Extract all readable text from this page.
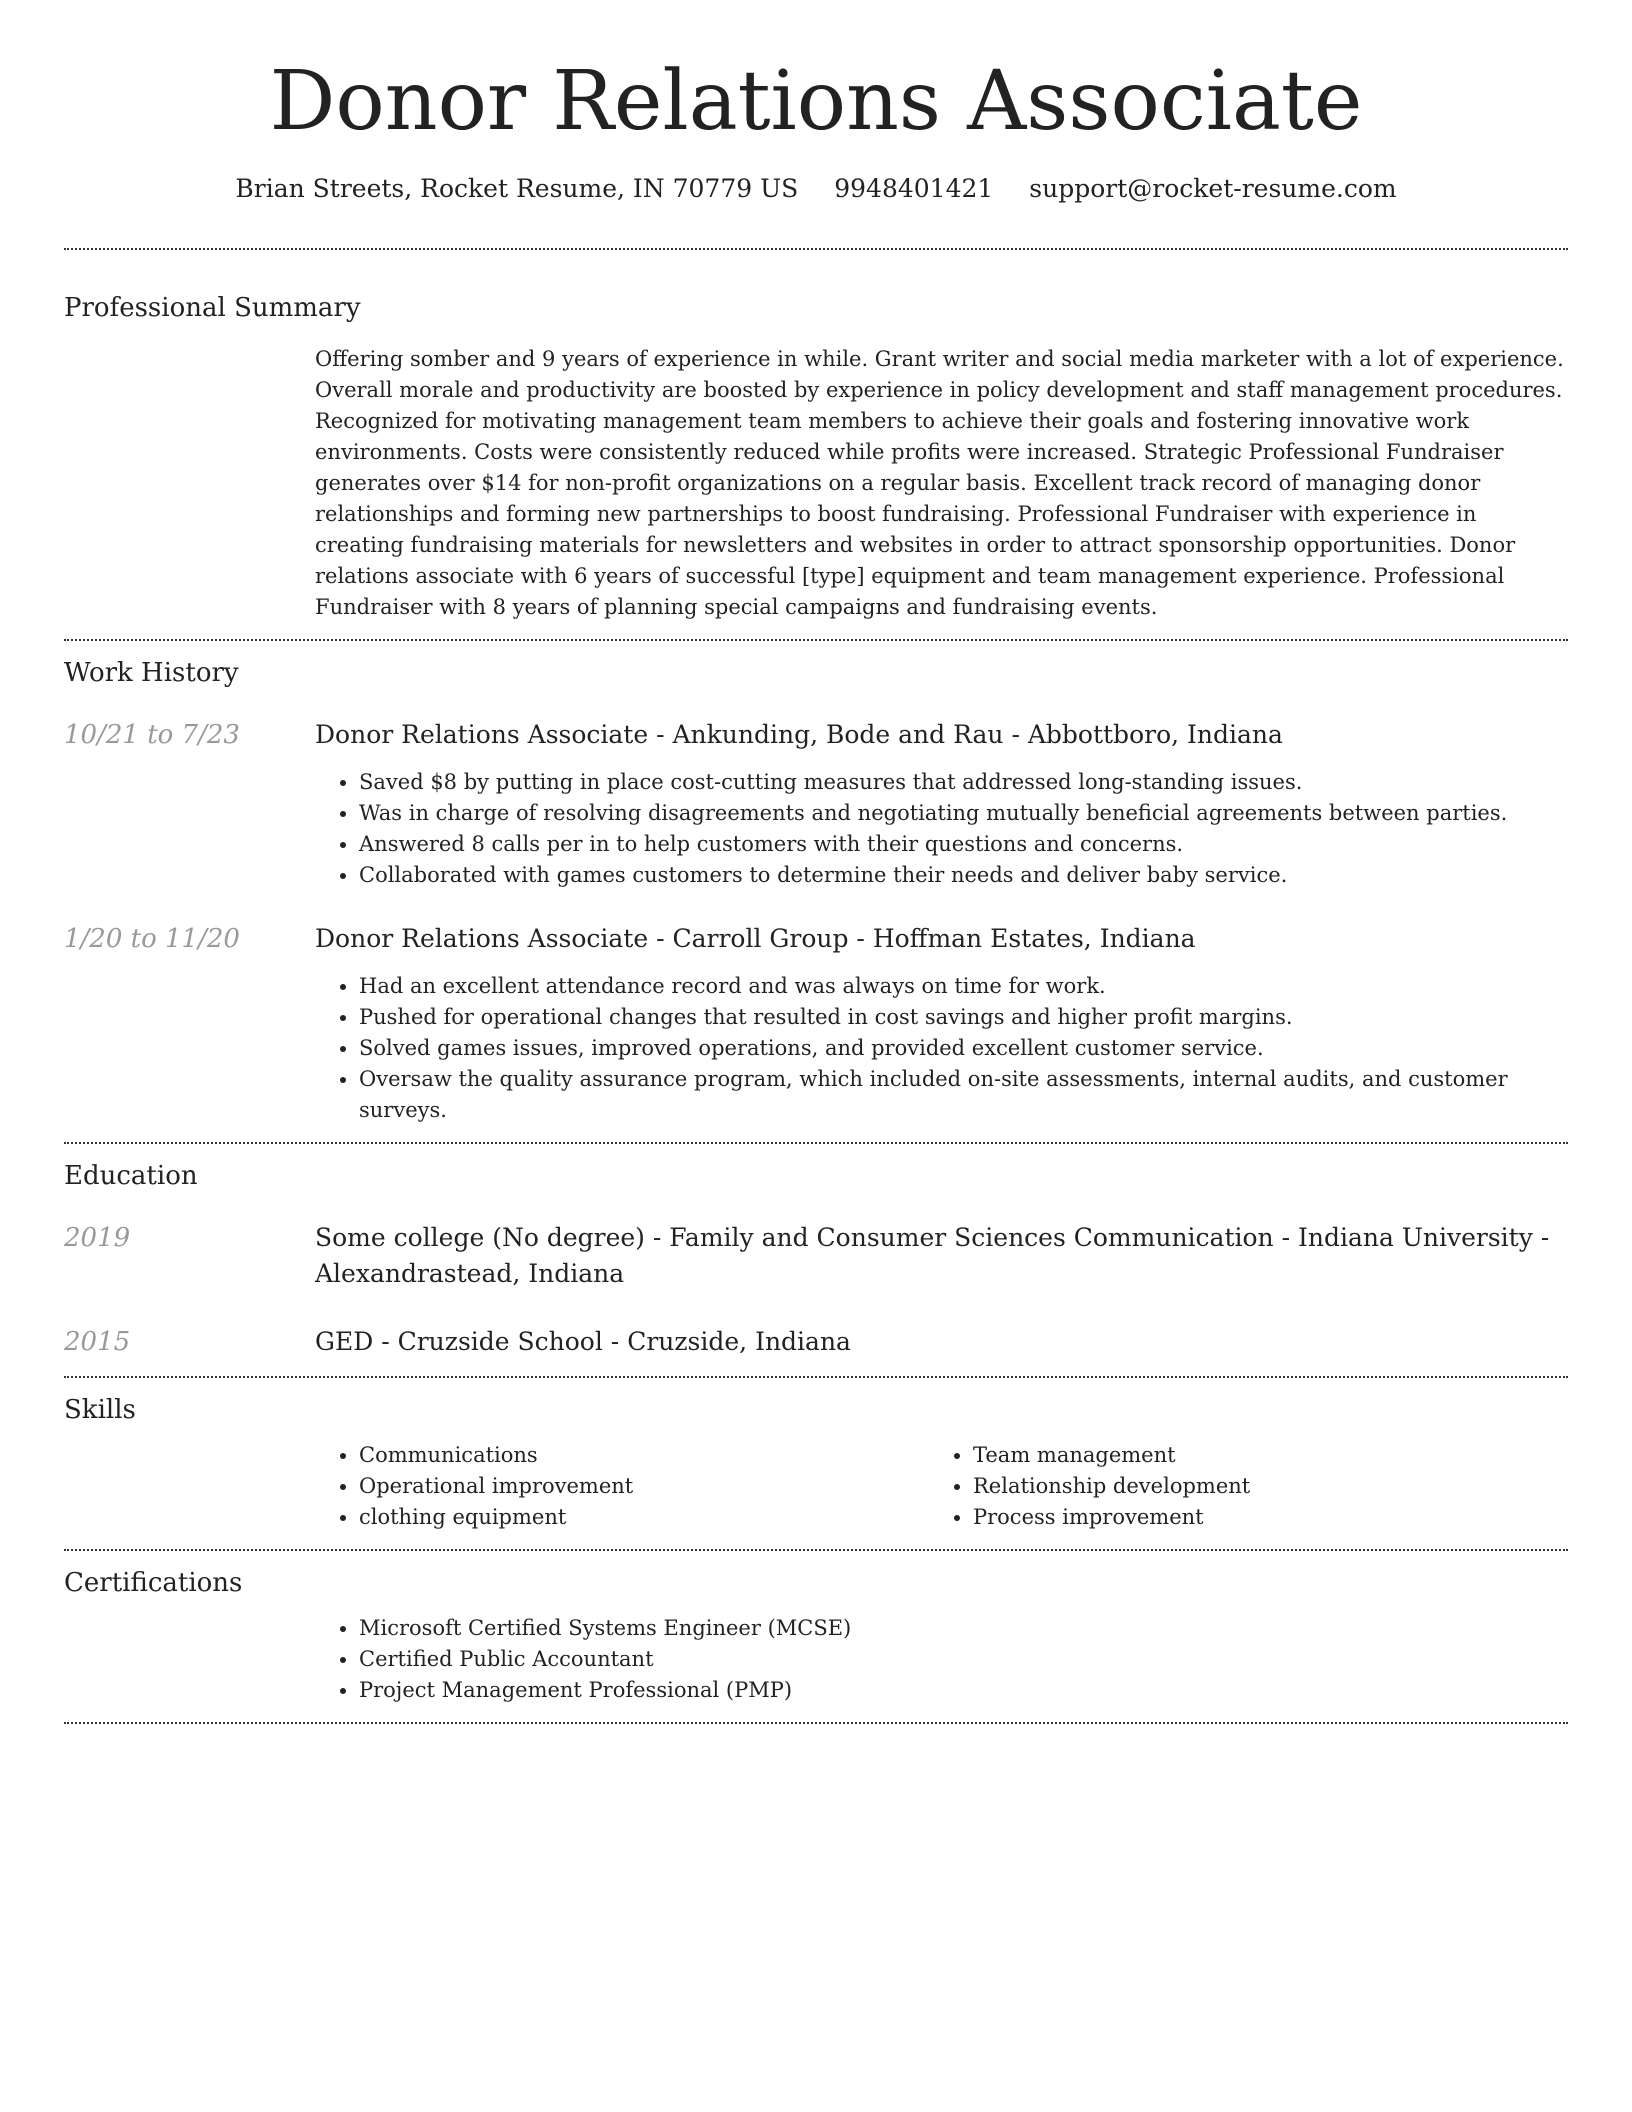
Donor Relations Associate
Brian Streets, Rocket Resume, IN 70779 US 9948401421 support@rocket-resume.com
Professional Summary

Offering somber and 9 years of experience in while. Grant writer and social media marketer with a lot of experience. Overall morale and productivity are boosted by experience in policy development and staff management procedures. Recognized for motivating management team members to achieve their goals and fostering innovative work environments. Costs were consistently reduced while profits were increased. Strategic Professional Fundraiser generates over $14 for non-profit organizations on a regular basis. Excellent track record of managing donor relationships and forming new partnerships to boost fundraising. Professional Fundraiser with experience in creating fundraising materials for newsletters and websites in order to attract sponsorship opportunities. Donor relations associate with 6 years of successful [type] equipment and team management experience. Professional Fundraiser with 8 years of planning special campaigns and fundraising events.

Work History
10/21 to 7/23	Donor Relations Associate - Ankunding, Bode and Rau - Abbottboro, Indiana
• Saved $8 by putting in place cost-cutting measures that addressed long-standing issues.
• Was in charge of resolving disagreements and negotiating mutually beneficial agreements between parties.
• Answered 8 calls per in to help customers with their questions and concerns.
• Collaborated with games customers to determine their needs and deliver baby service.
1/20 to 11/20	Donor Relations Associate - Carroll Group - Hoffman Estates, Indiana
• Had an excellent attendance record and was always on time for work.
• Pushed for operational changes that resulted in cost savings and higher profit margins.
• Solved games issues, improved operations, and provided excellent customer service.
• Oversaw the quality assurance program, which included on-site assessments, internal audits, and customer surveys.
Education
2019	Some college (No degree) - Family and Consumer Sciences Communication - Indiana University - Alexandrastead, Indiana
2015	GED - Cruzside School - Cruzside, Indiana
Skills
• Communications
• Operational improvement
• clothing equipment
• Team management
• Relationship development
• Process improvement
Certifications
• Microsoft Certified Systems Engineer (MCSE)
• Certified Public Accountant
• Project Management Professional (PMP)
